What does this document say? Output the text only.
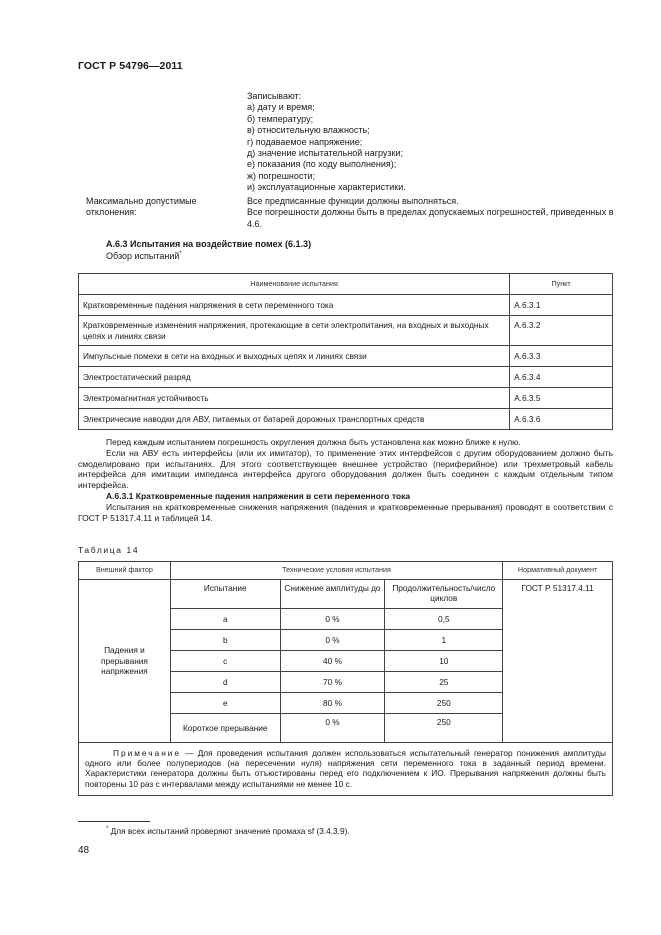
ГОСТ Р 54796—2011
Записывают:
а) дату и время;
б) температуру;
в) относительную влажность;
г) подаваемое напряжение;
д) значение испытательной нагрузки;
е) показания (по ходу выполнения);
ж) погрешности;
и) эксплуатационные характеристики.
Максимально допустимые отклонения:
Все предписанные функции должны выполняться.
Все погрешности должны быть в пределах допускаемых погрешностей, приведенных в 4.6.
А.6.3 Испытания на воздействие помех (6.1.3)
Обзор испытаний*
Наименование испытания	Пункт
Кратковременные падения напряжения в сети переменного тока	А.6.3.1
Кратковременные изменения напряжения, протекающие в сети электропитания, на входных и выходных цепях и линиях связи	А.6.3.2
Импульсные помехи в сети на входных и выходных цепях и линиях связи	А.6.3.3
Электростатический разряд	А.6.3.4
Электромагнитная устойчивость	А.6.3.5
Электрические наводки для АВУ, питаемых от батарей дорожных транспортных средств	А.6.3.6

Перед каждым испытанием погрешность округления должна быть установлена как можно ближе к нулю.

Если на АВУ есть интерфейсы (или их имитатор), то применение этих интерфейсов с другим оборудованием должно быть смоделировано при испытаниях. Для этого соответствующее внешнее устройство (периферийное) или трехметровый кабель интерфейса для имитации импеданса интерфейса другого оборудования должен быть соединен с каждым отдельным типом интерфейса.

А.6.3.1 Кратковременные падения напряжения в сети переменного тока

Испытания на кратковременные снижения напряжения (падения и кратковременные прерывания) проводят в соответствии с ГОСТ Р 51317.4.11 и таблицей 14.

Таблица 14
Внешний фактор	Технические условия испытания			Нормативный документ
Падения и прерывания напряжения	Испытание	Снижение амплитуды до	Продолжительность/число циклов	ГОСТ Р 51317.4.11
	a	0 %	0,5	
	b	0 %	1	
	c	40 %	10	
	d	70 %	25	
	e	80 %	250	
	Короткое прерывание	0 %	250	
Примечание — Для проведения испытания должен использоваться испытательный генератор понижения амплитуды одного или более полупериодов (на пересечении нуля) напряжения сети переменного тока в заданный период времени. Характеристики генератора должны быть отъюстированы перед его подключением к ИО. Прерывания напряжения должны быть повторены 10 раз с интервалами между испытаниями не менее 10 с.				
* Для всех испытаний проверяют значение промаха sf (3.4.3.9).
48
